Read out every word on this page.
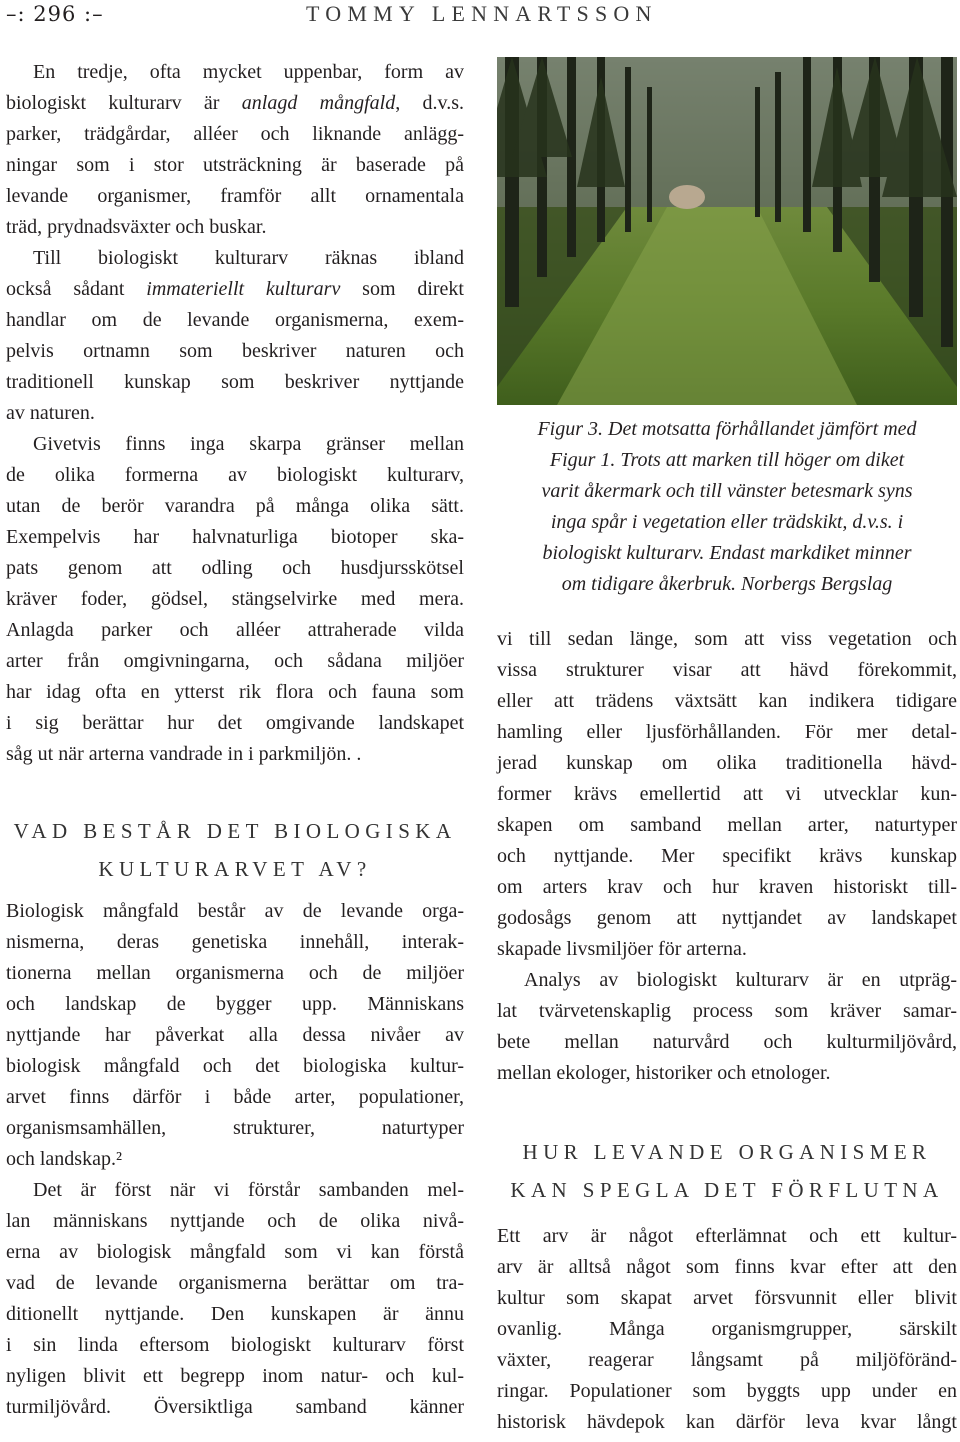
–: 296 :–	TOMMY LENNARTSSON
En tredje, ofta mycket uppenbar, form av
biologiskt kulturarv är anlagd mångfald, d.v.s.
parker, trädgårdar, alléer och liknande anlägg-
ningar som i stor utsträckning är baserade på
levande organismer, framför allt ornamentala
träd, prydnadsväxter och buskar.
Till biologiskt kulturarv räknas ibland
också sådant immateriellt kulturarv som direkt
handlar om de levande organismerna, exem-
pelvis ortnamn som beskriver naturen och
traditionell kunskap som beskriver nyttjande
av naturen.
Givetvis finns inga skarpa gränser mellan
de olika formerna av biologiskt kulturarv,
utan de berör varandra på många olika sätt.
Exempelvis har halvnaturliga biotoper ska-
pats genom att odling och husdjursskötsel
kräver foder, gödsel, stängselvirke med mera.
Anlagda parker och alléer attraherade vilda
arter från omgivningarna, och sådana miljöer
har idag ofta en ytterst rik flora och fauna som
i sig berättar hur det omgivande landskapet
såg ut när arterna vandrade in i parkmiljön. .
VAD BESTÅR DET BIOLOGISKA
KULTURARVET AV?
Biologisk mångfald består av de levande orga-
nismerna, deras genetiska innehåll, interak-
tionerna mellan organismerna och de miljöer
och landskap de bygger upp. Människans
nyttjande har påverkat alla dessa nivåer av
biologisk mångfald och det biologiska kultur-
arvet finns därför i både arter, populationer,
organismsamhällen, strukturer, naturtyper
och landskap.²
Det är först när vi förstår sambanden mel-
lan människans nyttjande och de olika nivå-
erna av biologisk mångfald som vi kan förstå
vad de levande organismerna berättar om tra-
ditionellt nyttjande. Den kunskapen är ännu
i sin linda eftersom biologiskt kulturarv först
nyligen blivit ett begrepp inom natur- och kul-
turmiljövård. Översiktliga samband känner
Figur 3. Det motsatta förhållandet jämfört med
Figur 1. Trots att marken till höger om diket
varit åkermark och till vänster betesmark syns
inga spår i vegetation eller trädskikt, d.v.s. i
biologiskt kulturarv. Endast markdiket minner
om tidigare åkerbruk. Norbergs Bergslag
vi till sedan länge, som att viss vegetation och
vissa strukturer visar att hävd förekommit,
eller att trädens växtsätt kan indikera tidigare
hamling eller ljusförhållanden. För mer detal-
jerad kunskap om olika traditionella hävd-
former krävs emellertid att vi utvecklar kun-
skapen om samband mellan arter, naturtyper
och nyttjande. Mer specifikt krävs kunskap
om arters krav och hur kraven historiskt till-
godosågs genom att nyttjandet av landskapet
skapade livsmiljöer för arterna.
Analys av biologiskt kulturarv är en utpräg-
lat tvärvetenskaplig process som kräver samar-
bete mellan naturvård och kulturmiljövård,
mellan ekologer, historiker och etnologer.
HUR LEVANDE ORGANISMER
KAN SPEGLA DET FÖRFLUTNA
Ett arv är något efterlämnat och ett kultur-
arv är alltså något som finns kvar efter att den
kultur som skapat arvet försvunnit eller blivit
ovanlig. Många organismgrupper, särskilt
växter, reagerar långsamt på miljöföränd-
ringar. Populationer som byggts upp under en
historisk hävdepok kan därför leva kvar långt
